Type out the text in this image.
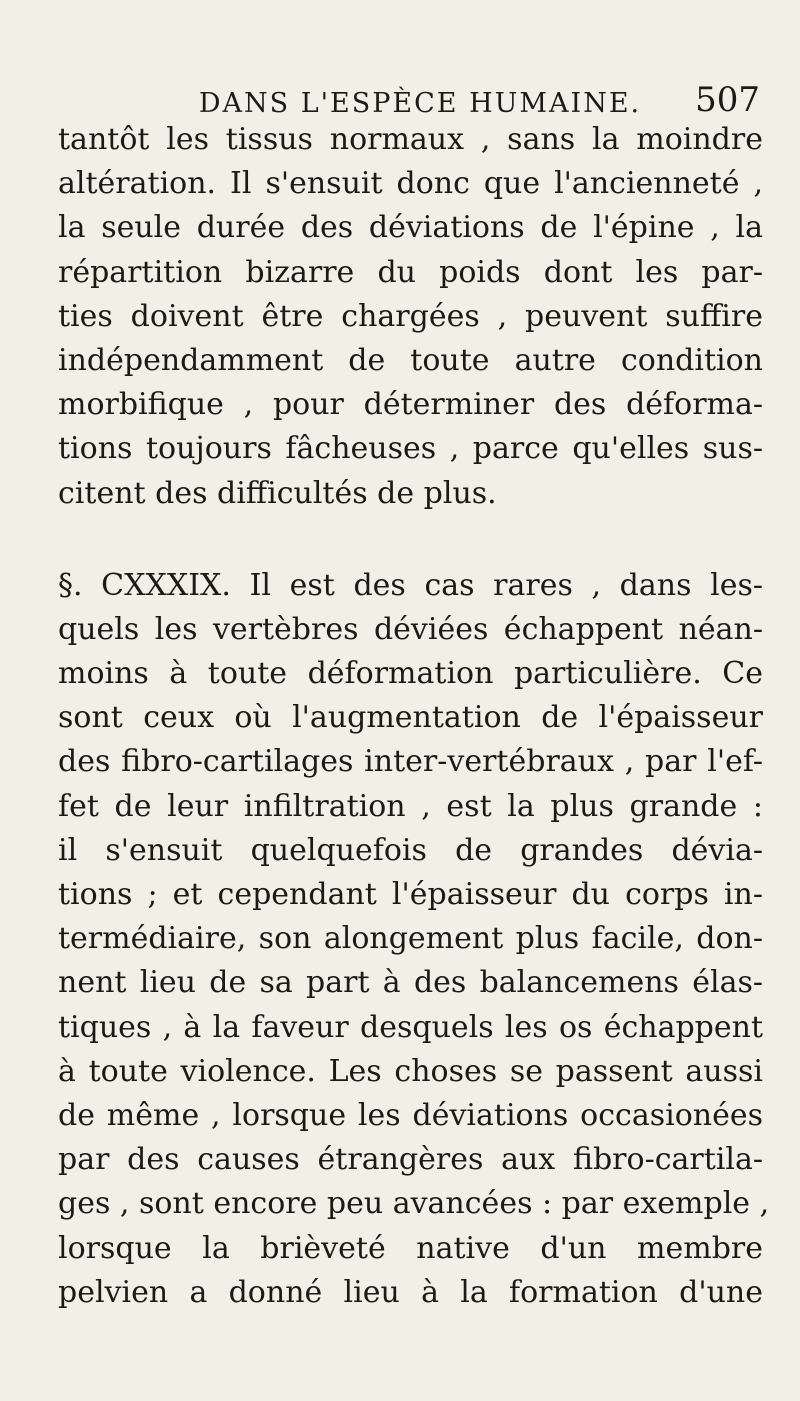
DANS L'ESPÈCE HUMAINE.	507
tantôt les tissus normaux , sans la moindre
altération. Il s'ensuit donc que l'ancienneté ,
la seule durée des déviations de l'épine , la
répartition bizarre du poids dont les par-
ties doivent être chargées , peuvent suffire
indépendamment de toute autre condition
morbifique , pour déterminer des déforma-
tions toujours fâcheuses , parce qu'elles sus-
citent des difficultés de plus.
§. CXXXIX. Il est des cas rares , dans les-
quels les vertèbres déviées échappent néan-
moins à toute déformation particulière. Ce
sont ceux où l'augmentation de l'épaisseur
des fibro-cartilages inter-vertébraux , par l'ef-
fet de leur infiltration , est la plus grande :
il s'ensuit quelquefois de grandes dévia-
tions ; et cependant l'épaisseur du corps in-
termédiaire, son alongement plus facile, don-
nent lieu de sa part à des balancemens élas-
tiques , à la faveur desquels les os échappent
à toute violence. Les choses se passent aussi
de même , lorsque les déviations occasionées
par des causes étrangères aux fibro-cartila-
ges , sont encore peu avancées : par exemple ,
lorsque la brièveté native d'un membre
pelvien a donné lieu à la formation d'une
